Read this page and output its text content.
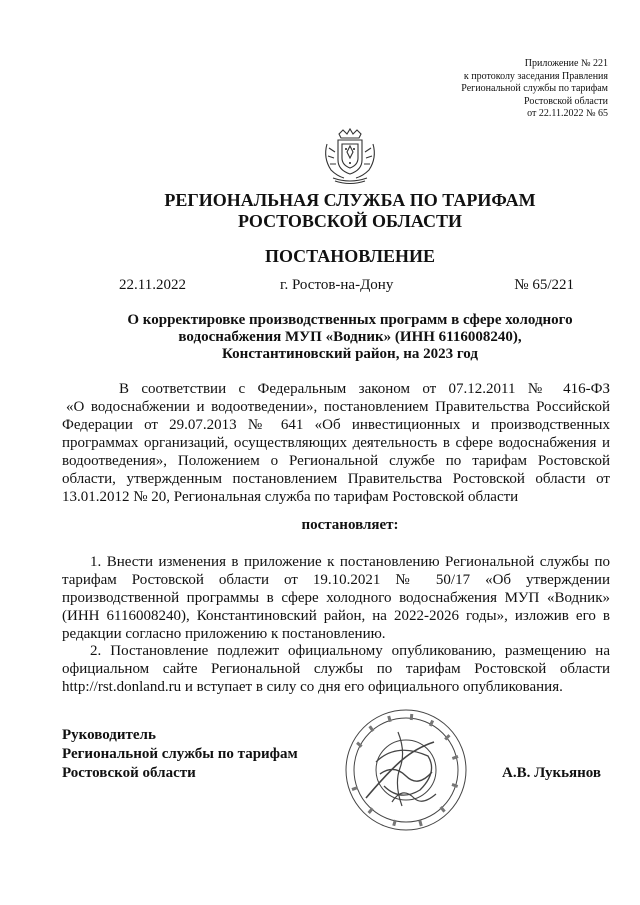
Приложение № 221
к протоколу заседания Правления
Региональной службы по тарифам
Ростовской области
от 22.11.2022 № 65
РЕГИОНАЛЬНАЯ СЛУЖБА ПО ТАРИФАМ
РОСТОВСКОЙ ОБЛАСТИ
ПОСТАНОВЛЕНИЕ
22.11.2022	г. Ростов-на-Дону	№ 65/221
О корректировке производственных программ в сфере холодного
водоснабжения МУП «Водник» (ИНН 6116008240),
Константиновский район, на 2023 год
В соответствии с Федеральным законом от 07.12.2011 № 416-ФЗ
«О водоснабжении и водоотведении», постановлением Правительства Российской
Федерации от 29.07.2013 № 641 «Об инвестиционных и производственных
программах организаций, осуществляющих деятельность в сфере водоснабжения и
водоотведения», Положением о Региональной службе по тарифам Ростовской
области, утвержденным постановлением Правительства Ростовской области от
13.01.2012 № 20, Региональная служба по тарифам Ростовской области
постановляет:
1. Внести изменения в приложение к постановлению Региональной службы по
тарифам Ростовской области от 19.10.2021 № 50/17 «Об утверждении
производственной программы в сфере холодного водоснабжения МУП «Водник»
(ИНН 6116008240), Константиновский район, на 2022-2026 годы», изложив его в
редакции согласно приложению к постановлению.
2. Постановление подлежит официальному опубликованию, размещению на
официальном сайте Региональной службы по тарифам Ростовской области
http://rst.donland.ru и вступает в силу со дня его официального опубликования.
Руководитель
Региональной службы по тарифам
Ростовской области	А.В. Лукьянов
